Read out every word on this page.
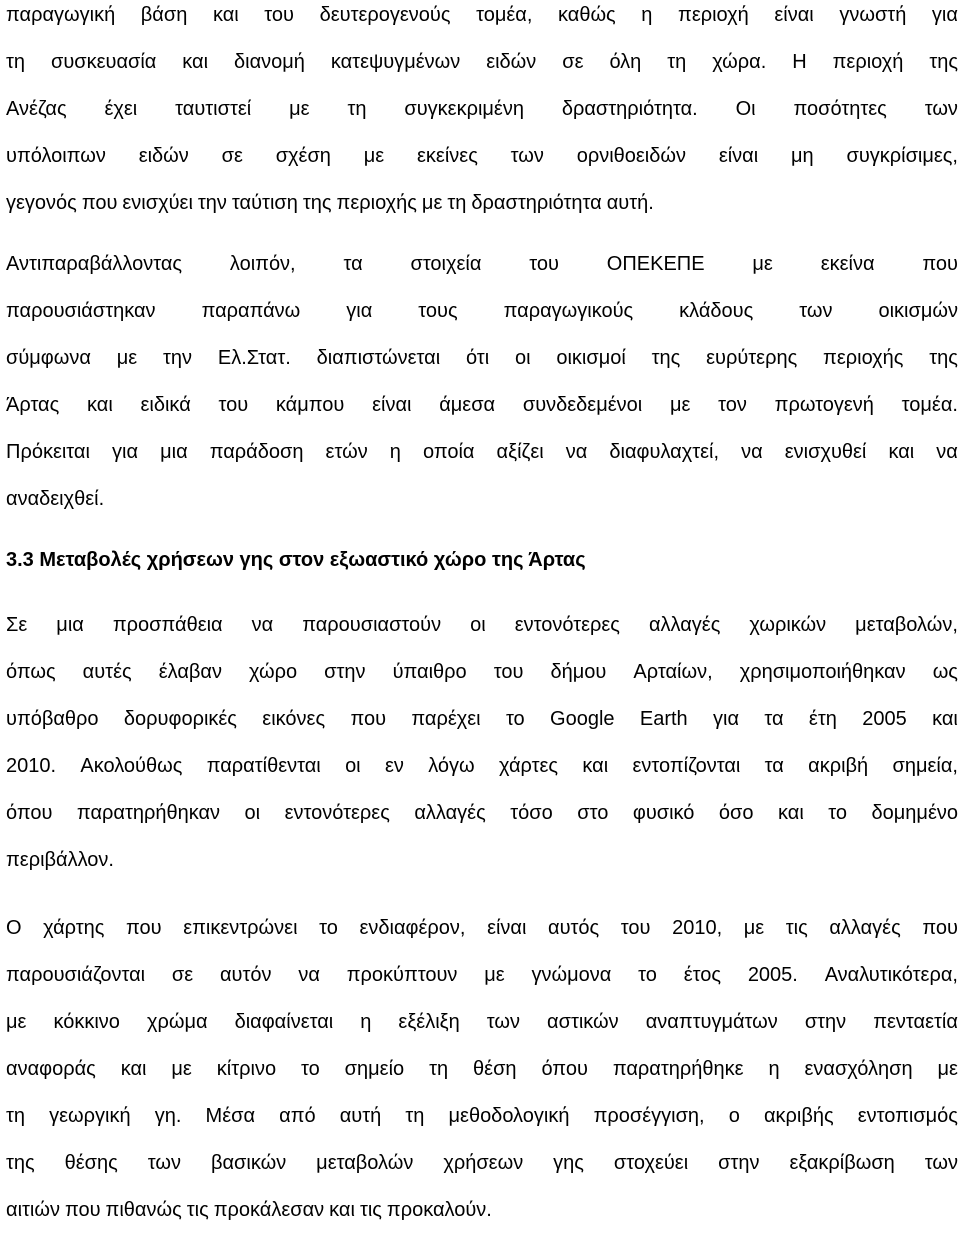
παραγωγική βάση και του δευτερογενούς τομέα, καθώς η περιοχή είναι γνωστή για
τη συσκευασία και διανομή κατεψυγμένων ειδών σε όλη τη χώρα. Η περιοχή της
Ανέζας έχει ταυτιστεί με τη συγκεκριμένη δραστηριότητα. Οι ποσότητες των
υπόλοιπων ειδών σε σχέση με εκείνες των ορνιθοειδών είναι μη συγκρίσιμες,
γεγονός που ενισχύει την ταύτιση της περιοχής με τη δραστηριότητα αυτή.
Αντιπαραβάλλοντας λοιπόν, τα στοιχεία του ΟΠΕΚΕΠΕ με εκείνα που
παρουσιάστηκαν παραπάνω για τους παραγωγικούς κλάδους των οικισμών
σύμφωνα με την Ελ.Στατ. διαπιστώνεται ότι οι οικισμοί της ευρύτερης περιοχής της
Άρτας και ειδικά του κάμπου είναι άμεσα συνδεδεμένοι με τον πρωτογενή τομέα.
Πρόκειται για μια παράδοση ετών η οποία αξίζει να διαφυλαχτεί, να ενισχυθεί και να
αναδειχθεί.
3.3 Μεταβολές χρήσεων γης στον εξωαστικό χώρο της Άρτας
Σε μια προσπάθεια να παρουσιαστούν οι εντονότερες αλλαγές χωρικών μεταβολών,
όπως αυτές έλαβαν χώρο στην ύπαιθρο του δήμου Αρταίων, χρησιμοποιήθηκαν ως
υπόβαθρο δορυφορικές εικόνες που παρέχει το Google Earth για τα έτη 2005 και
2010. Ακολούθως παρατίθενται οι εν λόγω χάρτες και εντοπίζονται τα ακριβή σημεία,
όπου παρατηρήθηκαν οι εντονότερες αλλαγές τόσο στο φυσικό όσο και το δομημένο
περιβάλλον.
Ο χάρτης που επικεντρώνει το ενδιαφέρον, είναι αυτός του 2010, με τις αλλαγές που
παρουσιάζονται σε αυτόν να προκύπτουν με γνώμονα το έτος 2005. Αναλυτικότερα,
με κόκκινο χρώμα διαφαίνεται η εξέλιξη των αστικών αναπτυγμάτων στην πενταετία
αναφοράς και με κίτρινο το σημείο τη θέση όπου παρατηρήθηκε η ενασχόληση με
τη γεωργική γη. Μέσα από αυτή τη μεθοδολογική προσέγγιση, ο ακριβής εντοπισμός
της θέσης των βασικών μεταβολών χρήσεων γης στοχεύει στην εξακρίβωση των
αιτιών που πιθανώς τις προκάλεσαν και τις προκαλούν.
